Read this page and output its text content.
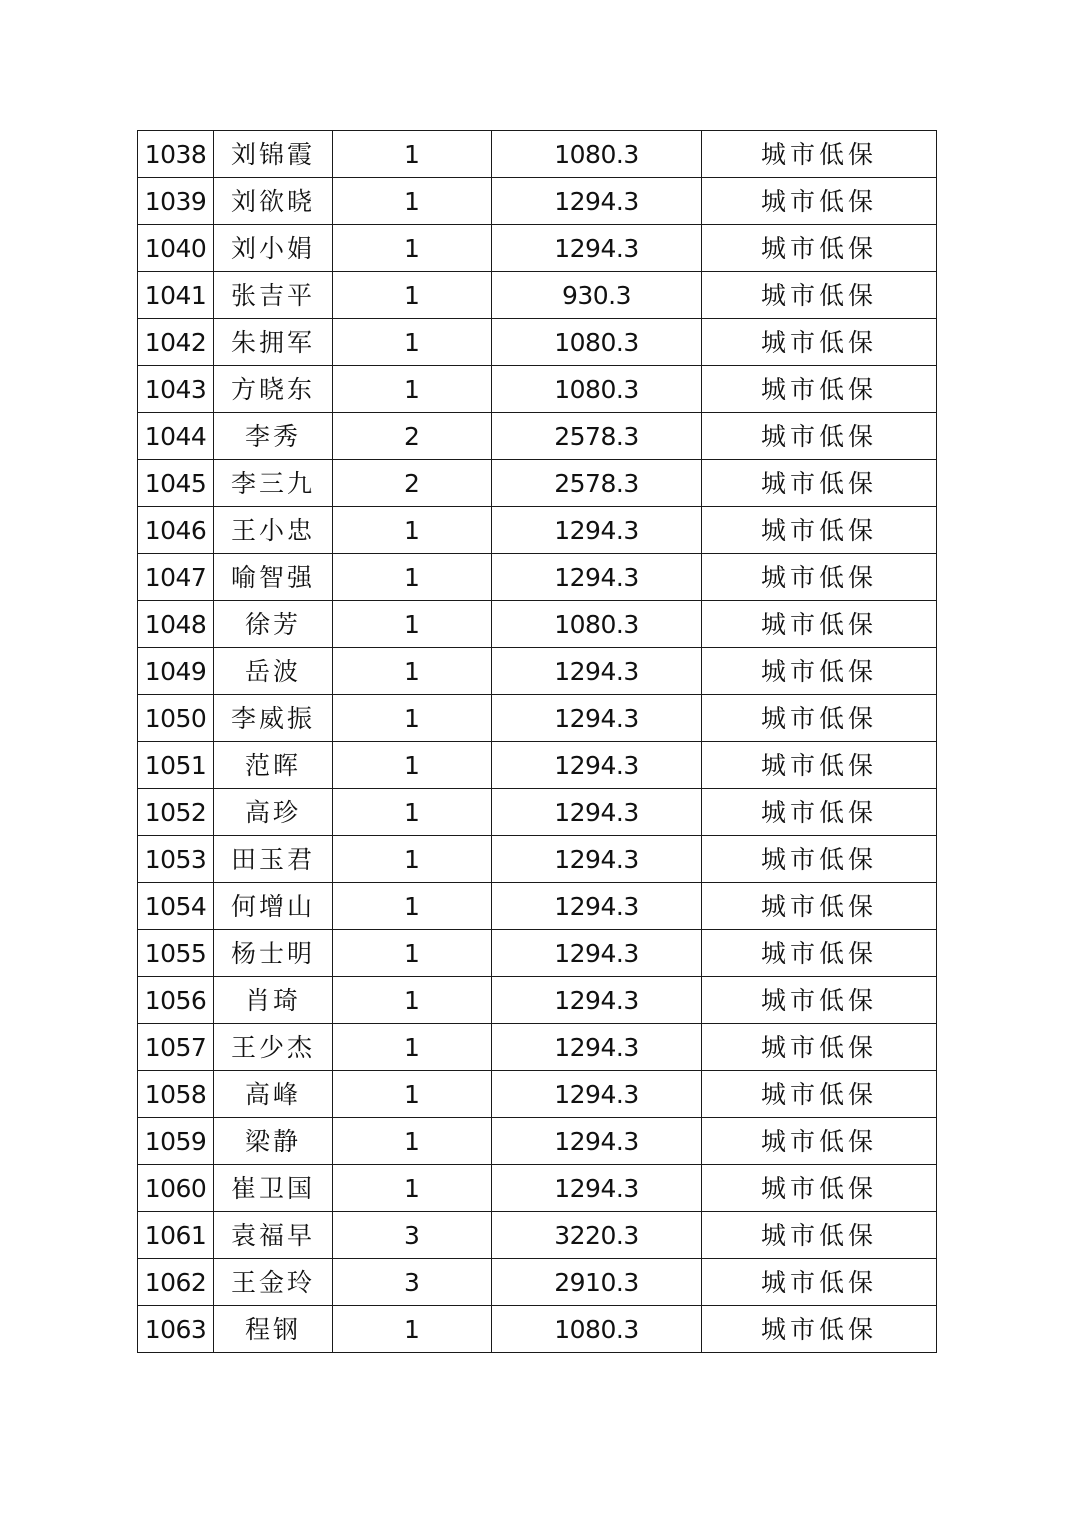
1038	刘锦霞	1	1080.3	城市低保
1039	刘欲晓	1	1294.3	城市低保
1040	刘小娟	1	1294.3	城市低保
1041	张吉平	1	930.3	城市低保
1042	朱拥军	1	1080.3	城市低保
1043	方晓东	1	1080.3	城市低保
1044	李秀	2	2578.3	城市低保
1045	李三九	2	2578.3	城市低保
1046	王小忠	1	1294.3	城市低保
1047	喻智强	1	1294.3	城市低保
1048	徐芳	1	1080.3	城市低保
1049	岳波	1	1294.3	城市低保
1050	李威振	1	1294.3	城市低保
1051	范晖	1	1294.3	城市低保
1052	高珍	1	1294.3	城市低保
1053	田玉君	1	1294.3	城市低保
1054	何增山	1	1294.3	城市低保
1055	杨士明	1	1294.3	城市低保
1056	肖琦	1	1294.3	城市低保
1057	王少杰	1	1294.3	城市低保
1058	高峰	1	1294.3	城市低保
1059	梁静	1	1294.3	城市低保
1060	崔卫国	1	1294.3	城市低保
1061	袁福早	3	3220.3	城市低保
1062	王金玲	3	2910.3	城市低保
1063	程钢	1	1080.3	城市低保
